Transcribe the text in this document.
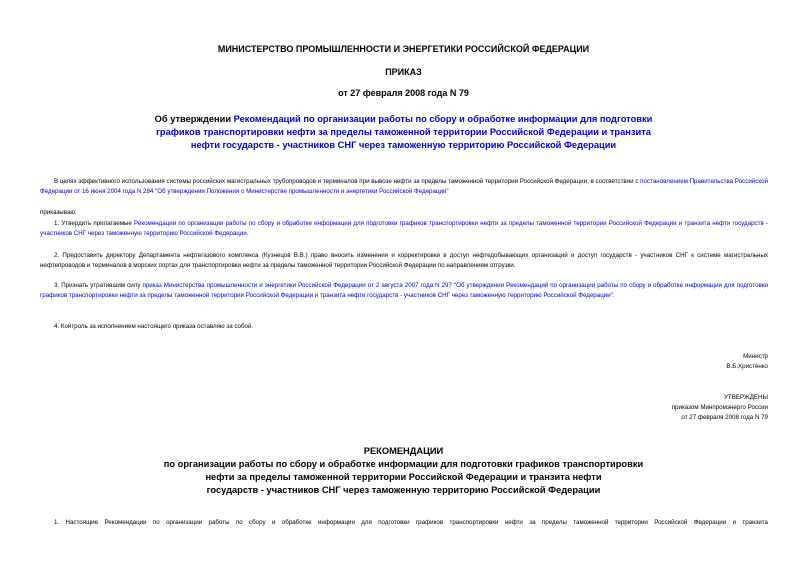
МИНИСТЕРСТВО ПРОМЫШЛЕННОСТИ И ЭНЕРГЕТИКИ РОССИЙСКОЙ ФЕДЕРАЦИИ
ПРИКАЗ
от 27 февраля 2008 года N 79
Об утверждении Рекомендаций по организации работы по сбору и обработке информации для подготовки
графиков транспортировки нефти за пределы таможенной территории Российской Федерации и транзита
нефти государств - участников СНГ через таможенную территорию Российской Федерации
В целях эффективного использования системы российских магистральных трубопроводов и терминалов при вывозе нефти за пределы таможенной территории Российской Федерации, в соответствии с постановлением Правительства Российской Федерации от 16 июня 2004 года N 284 "Об утверждении Положения о Министерстве промышленности и энергетики Российской Федерации"
приказываю:
1. Утвердить прилагаемые Рекомендации по организации работы по сбору и обработке информации для подготовки графиков транспортировки нефти за пределы таможенной территории Российской Федерации и транзита нефти государств - участников СНГ через таможенную территорию Российской Федерации.
2. Предоставить директору Департамента нефтегазового комплекса (Кузнецов В.В.) право вносить изменения и корректировки в доступ нефтедобывающих организаций и доступ государств - участников СНГ к системе магистральных нефтепроводов и терминалов в морских портах для транспортировки нефти за пределы таможенной территории Российской Федерации по направлениям отгрузки.
3. Признать утратившим силу приказ Министерства промышленности и энергетики Российской Федерации от 2 августа 2007 года N 297 "Об утверждении Рекомендаций по организации работы по сбору и обработке информации для подготовки графиков транспортировки нефти за пределы таможенной территории Российской Федерации и транзита нефти государств - участников СНГ через таможенную территорию Российской Федерации".
4. Контроль за исполнением настоящего приказа оставляю за собой.
Министр
В.Б.Христенко
УТВЕРЖДЕНЫ
приказом Минпромэнерго России
от 27 февраля 2008 года N 79
РЕКОМЕНДАЦИИ
по организации работы по сбору и обработке информации для подготовки графиков транспортировки
нефти за пределы таможенной территории Российской Федерации и транзита нефти
государств - участников СНГ через таможенную территорию Российской Федерации
1. Настоящие Рекомендации по организации работы по сбору и обработке информации для подготовки графиков транспортировки нефти за пределы таможенной территории Российской Федерации и транзита
